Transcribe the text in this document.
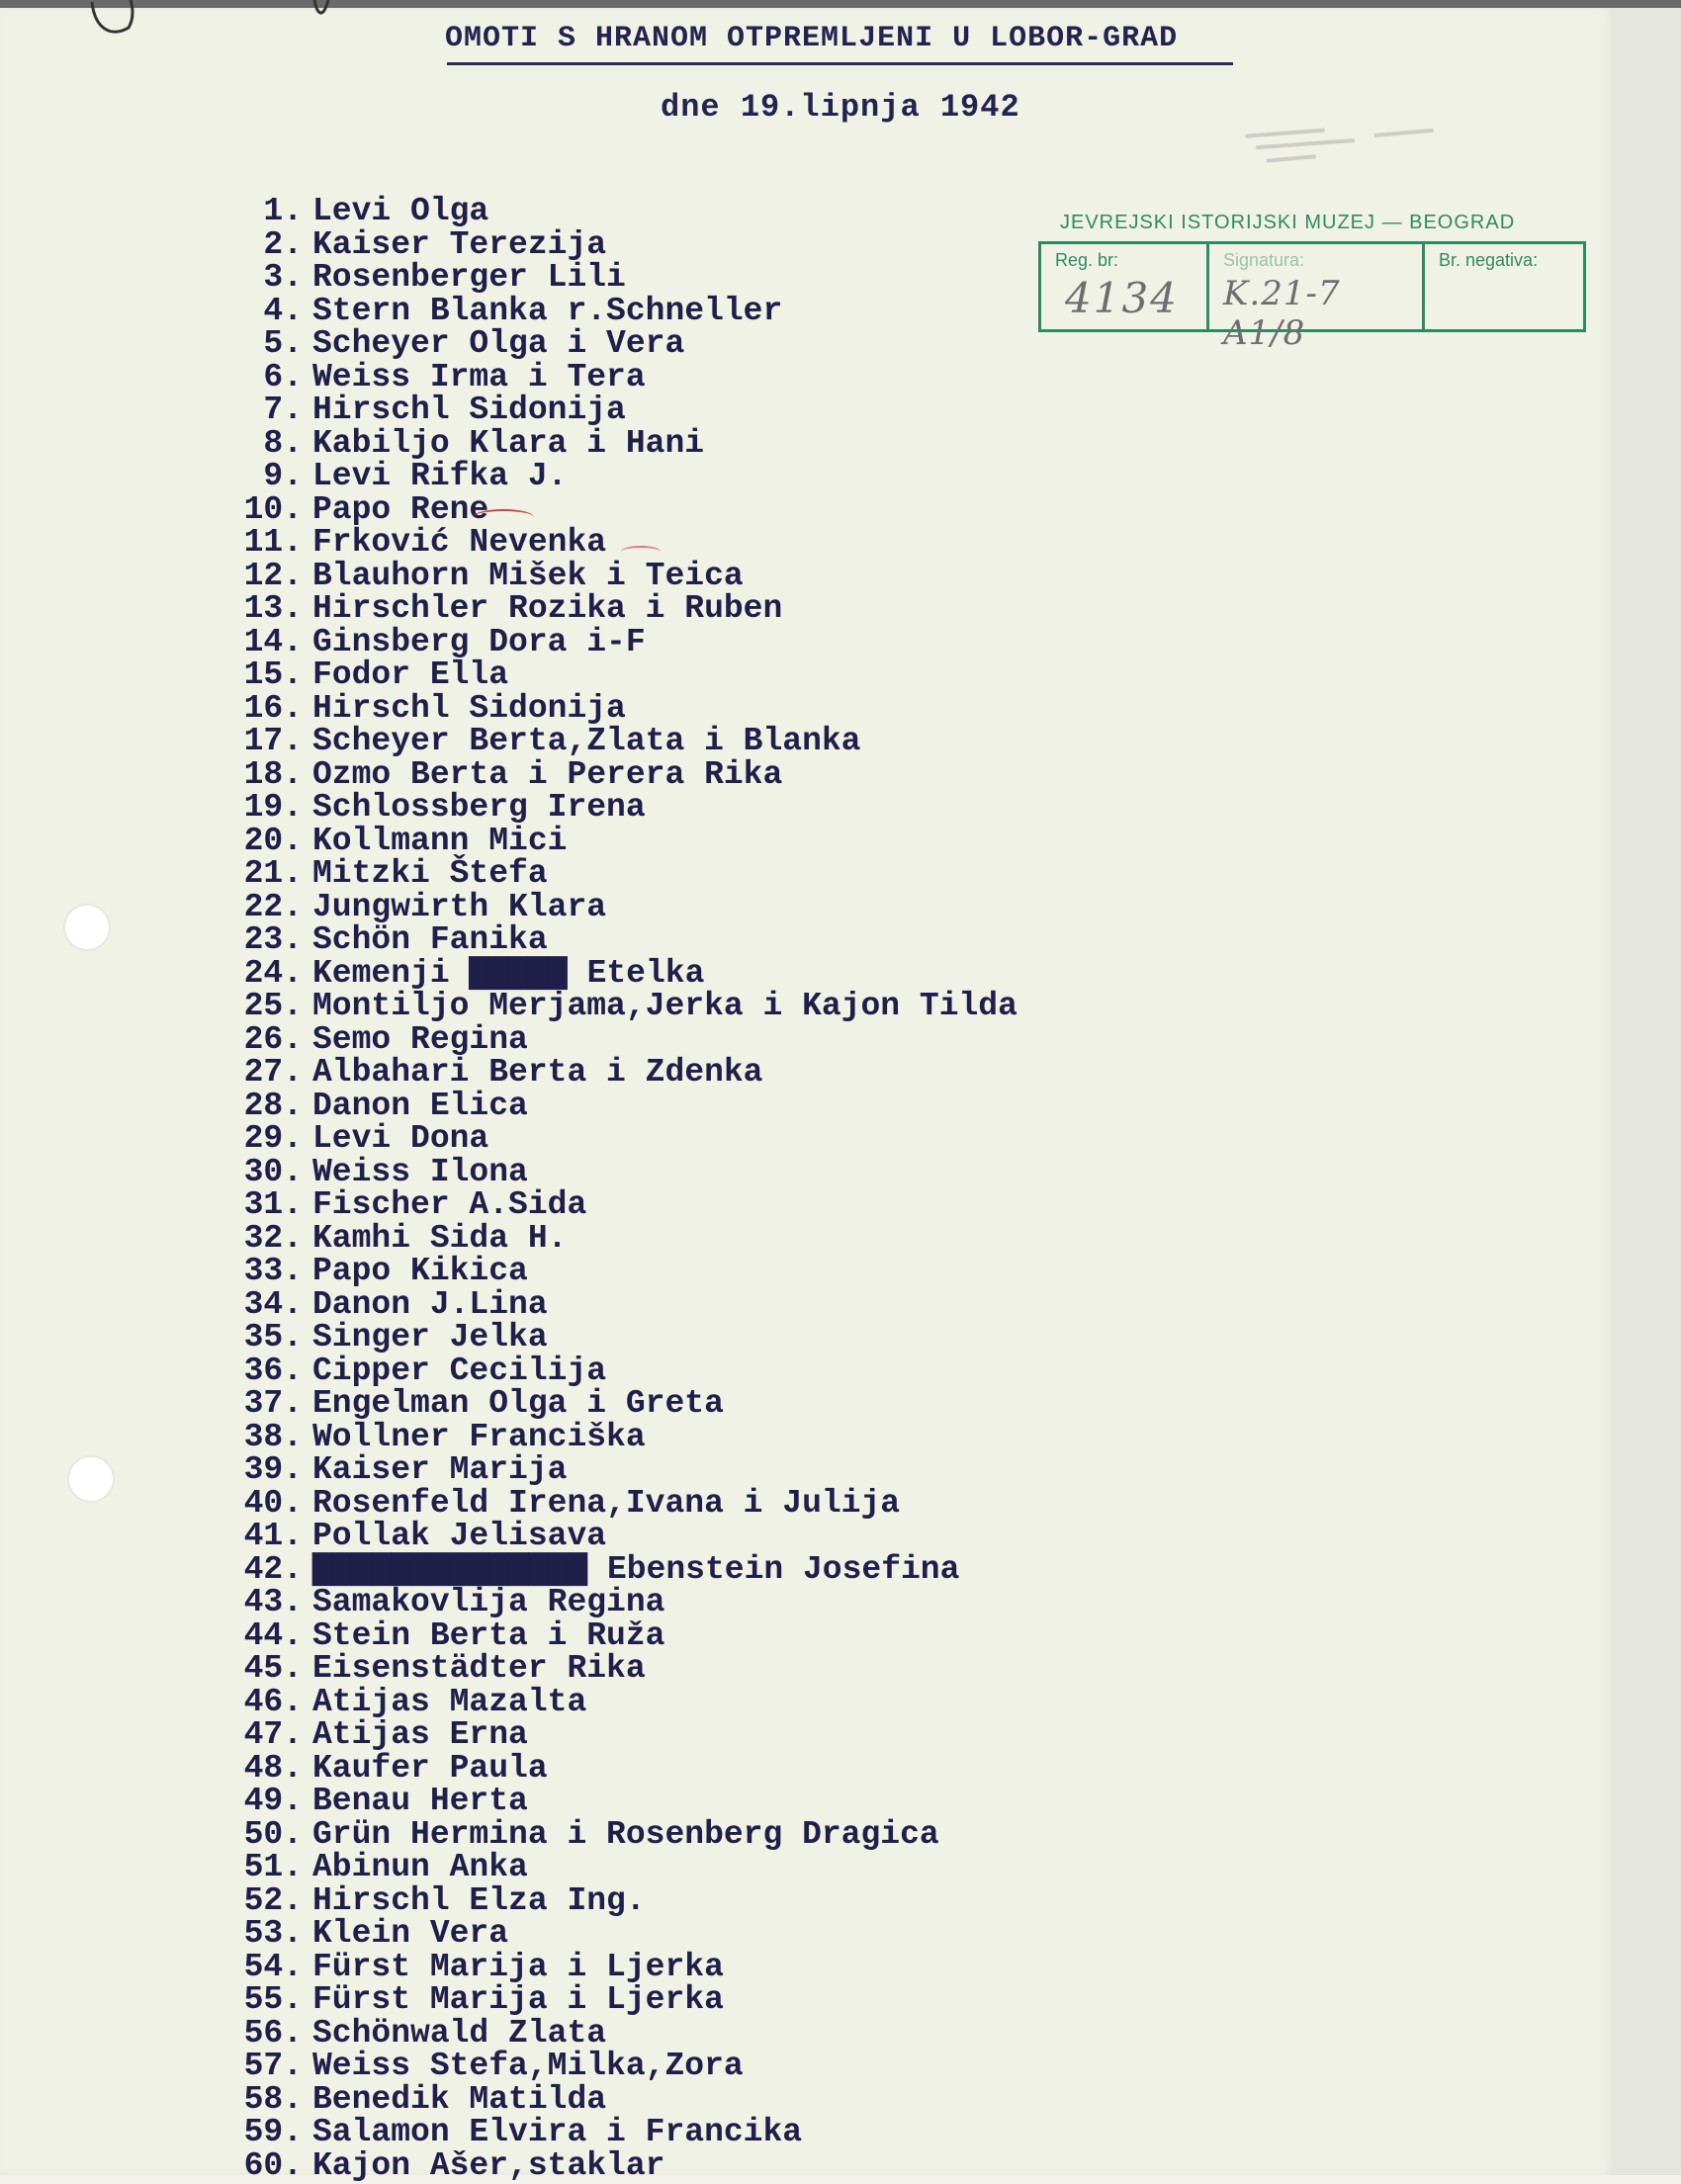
OMOTI S HRANOM OTPREMLJENI U LOBOR-GRAD
dne 19.lipnja 1942
JEVREJSKI ISTORIJSKI MUZEJ — BEOGRAD
Reg. br:
4134
Signatura:
K.21-7 A1/8
Br. negativa:
1. Levi Olga
2. Kaiser Terezija
3. Rosenberger Lili
4. Stern Blanka r.Schneller
5. Scheyer Olga i Vera
6. Weiss Irma i Tera
7. Hirschl Sidonija
8. Kabiljo Klara i Hani
9. Levi Rifka J.
10. Papo Rene
11. Frković Nevenka
12. Blauhorn Mišek i Teica
13. Hirschler Rozika i Ruben
14. Ginsberg Dora i-F
15. Fodor Ella
16. Hirschl Sidonija
17. Scheyer Berta,Zlata i Blanka
18. Ozmo Berta i Perera Rika
19. Schlossberg Irena
20. Kollmann Mici
21. Mitzki Štefa
22. Jungwirth Klara
23. Schön Fanika
24. Kemenji ▇▇▇▇▇ Etelka
25. Montiljo Merjama,Jerka i Kajon Tilda
26. Semo Regina
27. Albahari Berta i Zdenka
28. Danon Elica
29. Levi Dona
30. Weiss Ilona
31. Fischer A.Sida
32. Kamhi Sida H.
33. Papo Kikica
34. Danon J.Lina
35. Singer Jelka
36. Cipper Cecilija
37. Engelman Olga i Greta
38. Wollner Franciška
39. Kaiser Marija
40. Rosenfeld Irena,Ivana i Julija
41. Pollak Jelisava
42. ▇▇▇▇▇▇▇▇▇▇▇▇▇▇ Ebenstein Josefina
43. Samakovlija Regina
44. Stein Berta i Ruža
45. Eisenstädter Rika
46. Atijas Mazalta
47. Atijas Erna
48. Kaufer Paula
49. Benau Herta
50. Grün Hermina i Rosenberg Dragica
51. Abinun Anka
52. Hirschl Elza Ing.
53. Klein Vera
54. Fürst Marija i Ljerka
55. Fürst Marija i Ljerka
56. Schönwald Zlata
57. Weiss Stefa,Milka,Zora
58. Benedik Matilda
59. Salamon Elvira i Francika
60. Kajon Ašer,staklar
